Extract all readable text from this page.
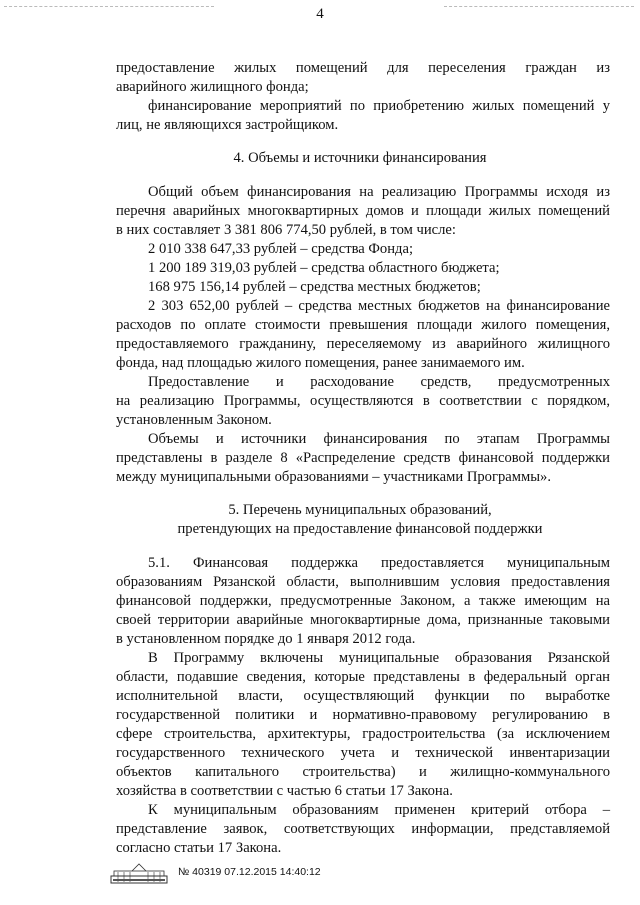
4
предоставление жилых помещений для переселения граждан из
аварийного жилищного фонда;
финансирование мероприятий по приобретению жилых помещений у
лиц, не являющихся застройщиком.
4. Объемы и источники финансирования
Общий объем финансирования на реализацию Программы исходя из
перечня аварийных многоквартирных домов и площади жилых помещений
в них составляет 3 381 806 774,50 рублей, в том числе:
2 010 338 647,33 рублей – средства Фонда;
1 200 189 319,03 рублей – средства областного бюджета;
168 975 156,14 рублей – средства местных бюджетов;
2 303 652,00 рублей – средства местных бюджетов на финансирование
расходов по оплате стоимости превышения площади жилого помещения,
предоставляемого гражданину, переселяемому из аварийного жилищного
фонда, над площадью жилого помещения, ранее занимаемого им.
Предоставление и расходование средств, предусмотренных
на реализацию Программы, осуществляются в соответствии с порядком,
установленным Законом.
Объемы и источники финансирования по этапам Программы
представлены в разделе 8 «Распределение средств финансовой поддержки
между муниципальными образованиями – участниками Программы».
5. Перечень муниципальных образований,
претендующих на предоставление финансовой поддержки
5.1. Финансовая поддержка предоставляется муниципальным
образованиям Рязанской области, выполнившим условия предоставления
финансовой поддержки, предусмотренные Законом, а также имеющим на
своей территории аварийные многоквартирные дома, признанные таковыми
в установленном порядке до 1 января 2012 года.
В Программу включены муниципальные образования Рязанской
области, подавшие сведения, которые представлены в федеральный орган
исполнительной власти, осуществляющий функции по выработке
государственной политики и нормативно-правовому регулированию в
сфере строительства, архитектуры, градостроительства (за исключением
государственного технического учета и технической инвентаризации
объектов капитального строительства) и жилищно-коммунального
хозяйства в соответствии с частью 6 статьи 17 Закона.
К муниципальным образованиям применен критерий отбора –
представление заявок, соответствующих информации, представляемой
согласно статьи 17 Закона.
№ 40319 07.12.2015 14:40:12
